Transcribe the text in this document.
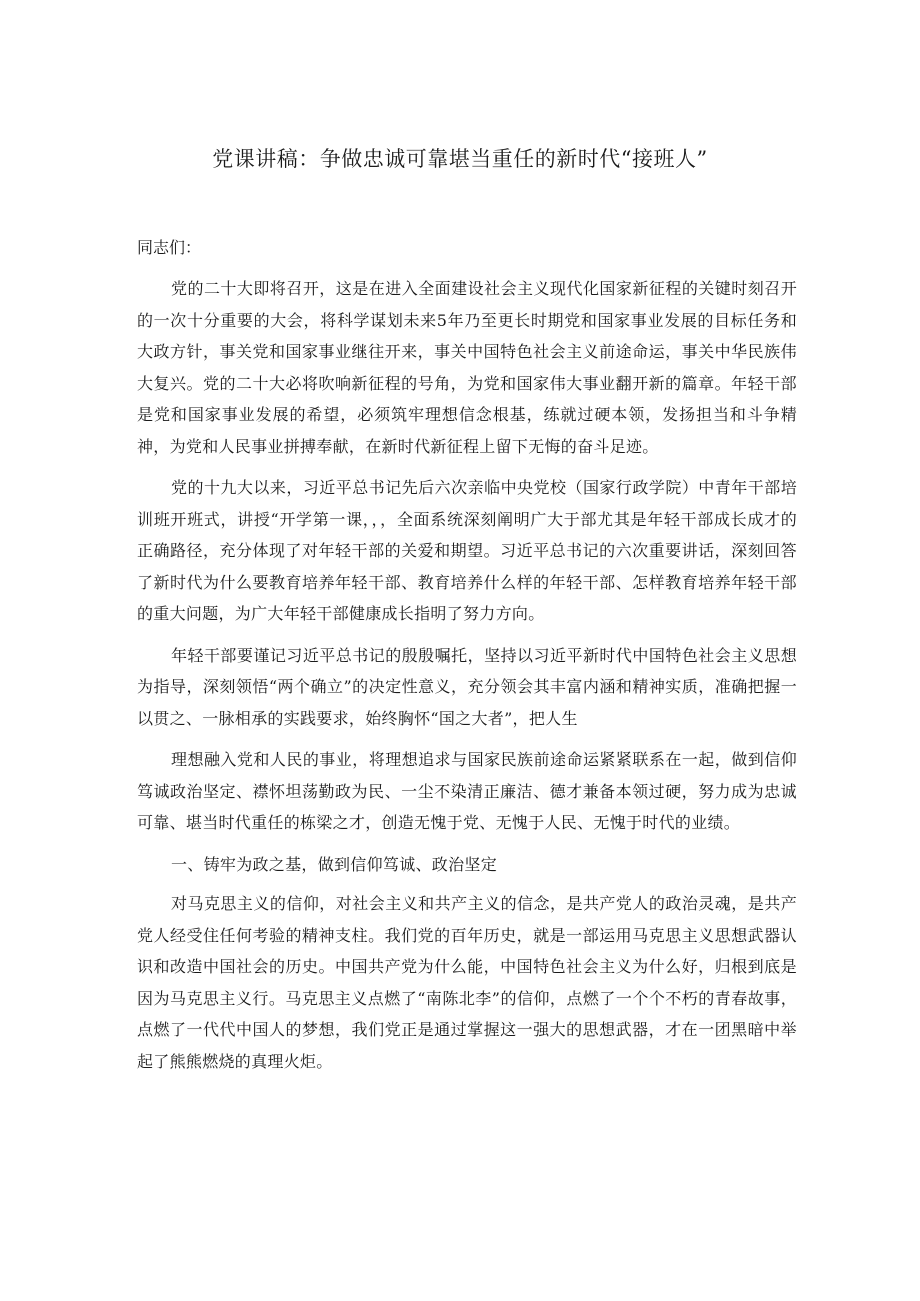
党课讲稿：争做忠诚可靠堪当重任的新时代“接班人”

同志们：

党的二十大即将召开，这是在进入全面建设社会主义现代化国家新征程的关键时刻召开的一次十分重要的大会，将科学谋划未来5年乃至更长时期党和国家事业发展的目标任务和大政方针，事关党和国家事业继往开来，事关中国特色社会主义前途命运，事关中华民族伟大复兴。党的二十大必将吹响新征程的号角，为党和国家伟大事业翻开新的篇章。年轻干部是党和国家事业发展的希望，必须筑牢理想信念根基，练就过硬本领，发扬担当和斗争精神，为党和人民事业拼搏奉献，在新时代新征程上留下无悔的奋斗足迹。

党的十九大以来，习近平总书记先后六次亲临中央党校（国家行政学院）中青年干部培训班开班式，讲授“开学第一课，，，全面系统深刻阐明广大于部尤其是年轻干部成长成才的正确路径，充分体现了对年轻干部的关爱和期望。习近平总书记的六次重要讲话，深刻回答了新时代为什么要教育培养年轻干部、教育培养什么样的年轻干部、怎样教育培养年轻干部的重大问题，为广大年轻干部健康成长指明了努力方向。

年轻干部要谨记习近平总书记的殷殷嘱托，坚持以习近平新时代中国特色社会主义思想为指导，深刻领悟“两个确立”的决定性意义，充分领会其丰富内涵和精神实质，准确把握一以贯之、一脉相承的实践要求，始终胸怀“国之大者”，把人生

理想融入党和人民的事业，将理想追求与国家民族前途命运紧紧联系在一起，做到信仰笃诚政治坚定、襟怀坦荡勤政为民、一尘不染清正廉洁、德才兼备本领过硬，努力成为忠诚可靠、堪当时代重任的栋梁之才，创造无愧于党、无愧于人民、无愧于时代的业绩。

一、铸牢为政之基，做到信仰笃诚、政治坚定

对马克思主义的信仰，对社会主义和共产主义的信念，是共产党人的政治灵魂，是共产党人经受住任何考验的精神支柱。我们党的百年历史，就是一部运用马克思主义思想武器认识和改造中国社会的历史。中国共产党为什么能，中国特色社会主义为什么好，归根到底是因为马克思主义行。马克思主义点燃了“南陈北李”的信仰，点燃了一个个不朽的青春故事，点燃了一代代中国人的梦想，我们党正是通过掌握这一强大的思想武器，才在一团黑暗中举起了熊熊燃烧的真理火炬。
